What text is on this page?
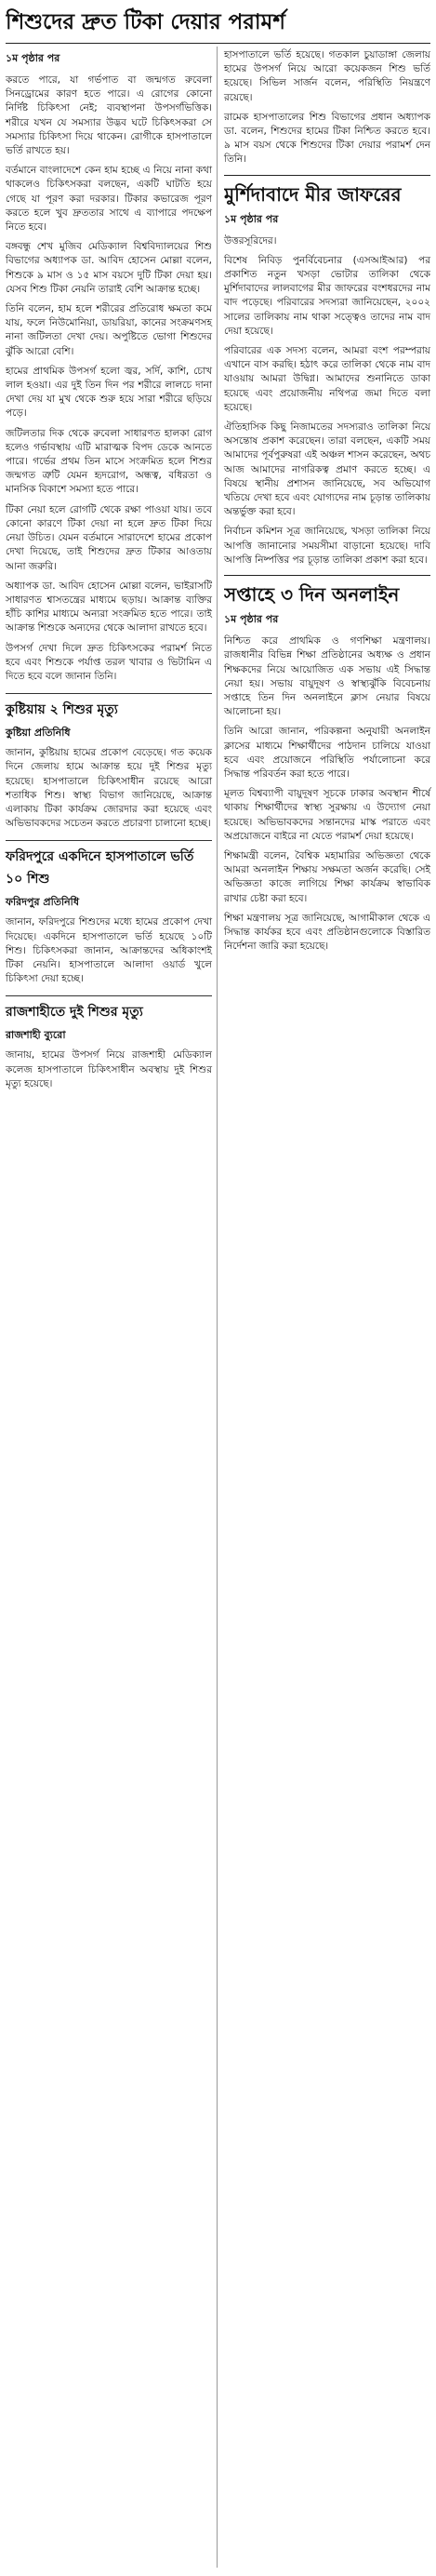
শিশুদের দ্রুত টিকা দেয়ার পরামর্শ
১ম পৃষ্ঠার পর

করতে পারে, যা গর্ভপাত বা জন্মগত রুবেলা সিনড্রোমের কারণ হতে পারে। এ রোগের কোনো নির্দিষ্ট চিকিৎসা নেই; ব্যবস্থাপনা উপসর্গভিত্তিক। শরীরে যখন যে সমস্যার উদ্ভব ঘটে চিকিৎসকরা সে সমস্যার চিকিৎসা দিয়ে থাকেন। রোগীকে হাসপাতালে ভর্তি রাখতে হয়।

বর্তমানে বাংলাদেশে কেন হাম হচ্ছে এ নিয়ে নানা কথা থাকলেও চিকিৎসকরা বলছেন, একটি ঘাটতি হয়ে গেছে যা পূরণ করা দরকার। টিকার কভারেজ পূরণ করতে হলে খুব দ্রুততার সাথে এ ব্যাপারে পদক্ষেপ নিতে হবে।

বঙ্গবন্ধু শেখ মুজিব মেডিক্যাল বিশ্ববিদ্যালয়ের শিশু বিভাগের অধ্যাপক ডা. আবিদ হোসেন মোল্লা বলেন, শিশুকে ৯ মাস ও ১৫ মাস বয়সে দুটি টিকা দেয়া হয়। যেসব শিশু টিকা নেয়নি তারাই বেশি আক্রান্ত হচ্ছে।

তিনি বলেন, হাম হলে শরীরের প্রতিরোধ ক্ষমতা কমে যায়, ফলে নিউমোনিয়া, ডায়রিয়া, কানের সংক্রমণসহ নানা জটিলতা দেখা দেয়। অপুষ্টিতে ভোগা শিশুদের ঝুঁকি আরো বেশি।

হামের প্রাথমিক উপসর্গ হলো জ্বর, সর্দি, কাশি, চোখ লাল হওয়া। এর দুই তিন দিন পর শরীরে লালচে দানা দেখা দেয় যা মুখ থেকে শুরু হয়ে সারা শরীরে ছড়িয়ে পড়ে।

জটিলতার দিক থেকে রুবেলা সাধারণত হালকা রোগ হলেও গর্ভাবস্থায় এটি মারাত্মক বিপদ ডেকে আনতে পারে। গর্ভের প্রথম তিন মাসে সংক্রমিত হলে শিশুর জন্মগত ত্রুটি যেমন হৃদরোগ, অন্ধত্ব, বধিরতা ও মানসিক বিকাশে সমস্যা হতে পারে।

টিকা নেয়া হলে রোগটি থেকে রক্ষা পাওয়া যায়। তবে কোনো কারণে টিকা দেয়া না হলে দ্রুত টিকা দিয়ে নেয়া উচিত। যেমন বর্তমানে সারাদেশে হামের প্রকোপ দেখা দিয়েছে, তাই শিশুদের দ্রুত টিকার আওতায় আনা জরুরি।

অধ্যাপক ডা. আবিদ হোসেন মোল্লা বলেন, ভাইরাসটি সাধারণত শ্বাসতন্ত্রের মাধ্যমে ছড়ায়। আক্রান্ত ব্যক্তির হাঁচি কাশির মাধ্যমে অন্যরা সংক্রমিত হতে পারে। তাই আক্রান্ত শিশুকে অন্যদের থেকে আলাদা রাখতে হবে।

উপসর্গ দেখা দিলে দ্রুত চিকিৎসকের পরামর্শ নিতে হবে এবং শিশুকে পর্যাপ্ত তরল খাবার ও ভিটামিন এ দিতে হবে বলে জানান তিনি।

কুষ্টিয়ায় ২ শিশুর মৃত্যু
কুষ্টিয়া প্রতিনিধি

জানান, কুষ্টিয়ায় হামের প্রকোপ বেড়েছে। গত কয়েক দিনে জেলায় হামে আক্রান্ত হয়ে দুই শিশুর মৃত্যু হয়েছে। হাসপাতালে চিকিৎসাধীন রয়েছে আরো শতাধিক শিশু। স্বাস্থ্য বিভাগ জানিয়েছে, আক্রান্ত এলাকায় টিকা কার্যক্রম জোরদার করা হয়েছে এবং অভিভাবকদের সচেতন করতে প্রচারণা চালানো হচ্ছে।

ফরিদপুরে একদিনে হাসপাতালে ভর্তি ১০ শিশু
ফরিদপুর প্রতিনিধি

জানান, ফরিদপুরে শিশুদের মধ্যে হামের প্রকোপ দেখা দিয়েছে। একদিনে হাসপাতালে ভর্তি হয়েছে ১০টি শিশু। চিকিৎসকরা জানান, আক্রান্তদের অধিকাংশই টিকা নেয়নি। হাসপাতালে আলাদা ওয়ার্ড খুলে চিকিৎসা দেয়া হচ্ছে।

রাজশাহীতে দুই শিশুর মৃত্যু
রাজশাহী ব্যুরো

জানায়, হামের উপসর্গ নিয়ে রাজশাহী মেডিক্যাল কলেজ হাসপাতালে চিকিৎসাধীন অবস্থায় দুই শিশুর মৃত্যু হয়েছে।

হাসপাতালে ভর্তি হয়েছে। গতকাল চুয়াডাঙ্গা জেলায় হামের উপসর্গ নিয়ে আরো কয়েকজন শিশু ভর্তি হয়েছে। সিভিল সার্জন বলেন, পরিস্থিতি নিয়ন্ত্রণে রয়েছে।

রামেক হাসপাতালের শিশু বিভাগের প্রধান অধ্যাপক ডা. বলেন, শিশুদের হামের টিকা নিশ্চিত করতে হবে। ৯ মাস বয়স থেকে শিশুদের টিকা দেয়ার পরামর্শ দেন তিনি।

মুর্শিদাবাদে মীর জাফরের
১ম পৃষ্ঠার পর

উত্তরসূরিদের।

বিশেষ নিবিড় পুনর্বিবেচনার (এসআইআর) পর প্রকাশিত নতুন খসড়া ভোটার তালিকা থেকে মুর্শিদাবাদের লালবাগের মীর জাফরের বংশধরদের নাম বাদ পড়েছে। পরিবারের সদস্যরা জানিয়েছেন, ২০০২ সালের তালিকায় নাম থাকা সত্ত্বেও তাদের নাম বাদ দেয়া হয়েছে।

পরিবারের এক সদস্য বলেন, আমরা বংশ পরম্পরায় এখানে বাস করছি। হঠাৎ করে তালিকা থেকে নাম বাদ যাওয়ায় আমরা উদ্বিগ্ন। আমাদের শুনানিতে ডাকা হয়েছে এবং প্রয়োজনীয় নথিপত্র জমা দিতে বলা হয়েছে।

ঐতিহাসিক কিছু নিজামতের সদস্যরাও তালিকা নিয়ে অসন্তোষ প্রকাশ করেছেন। তারা বলছেন, একটি সময় আমাদের পূর্বপুরুষরা এই অঞ্চল শাসন করেছেন, অথচ আজ আমাদের নাগরিকত্ব প্রমাণ করতে হচ্ছে। এ বিষয়ে স্থানীয় প্রশাসন জানিয়েছে, সব অভিযোগ খতিয়ে দেখা হবে এবং যোগ্যদের নাম চূড়ান্ত তালিকায় অন্তর্ভুক্ত করা হবে।

নির্বাচন কমিশন সূত্র জানিয়েছে, খসড়া তালিকা নিয়ে আপত্তি জানানোর সময়সীমা বাড়ানো হয়েছে। দাবি আপত্তি নিষ্পত্তির পর চূড়ান্ত তালিকা প্রকাশ করা হবে।

সপ্তাহে ৩ দিন অনলাইন
১ম পৃষ্ঠার পর

নিশ্চিত করে প্রাথমিক ও গণশিক্ষা মন্ত্রণালয়। রাজধানীর বিভিন্ন শিক্ষা প্রতিষ্ঠানের অধ্যক্ষ ও প্রধান শিক্ষকদের নিয়ে আয়োজিত এক সভায় এই সিদ্ধান্ত নেয়া হয়। সভায় বায়ুদূষণ ও স্বাস্থ্যঝুঁকি বিবেচনায় সপ্তাহে তিন দিন অনলাইনে ক্লাস নেয়ার বিষয়ে আলোচনা হয়।

তিনি আরো জানান, পরিকল্পনা অনুযায়ী অনলাইন ক্লাসের মাধ্যমে শিক্ষার্থীদের পাঠদান চালিয়ে যাওয়া হবে এবং প্রয়োজনে পরিস্থিতি পর্যালোচনা করে সিদ্ধান্ত পরিবর্তন করা হতে পারে।

মূলত বিশ্বব্যাপী বায়ুদূষণ সূচকে ঢাকার অবস্থান শীর্ষে থাকায় শিক্ষার্থীদের স্বাস্থ্য সুরক্ষায় এ উদ্যোগ নেয়া হয়েছে। অভিভাবকদের সন্তানদের মাস্ক পরাতে এবং অপ্রয়োজনে বাইরে না যেতে পরামর্শ দেয়া হয়েছে।

শিক্ষামন্ত্রী বলেন, বৈশ্বিক মহামারির অভিজ্ঞতা থেকে আমরা অনলাইন শিক্ষায় সক্ষমতা অর্জন করেছি। সেই অভিজ্ঞতা কাজে লাগিয়ে শিক্ষা কার্যক্রম স্বাভাবিক রাখার চেষ্টা করা হবে।

শিক্ষা মন্ত্রণালয় সূত্র জানিয়েছে, আগামীকাল থেকে এ সিদ্ধান্ত কার্যকর হবে এবং প্রতিষ্ঠানগুলোকে বিস্তারিত নির্দেশনা জারি করা হয়েছে।
